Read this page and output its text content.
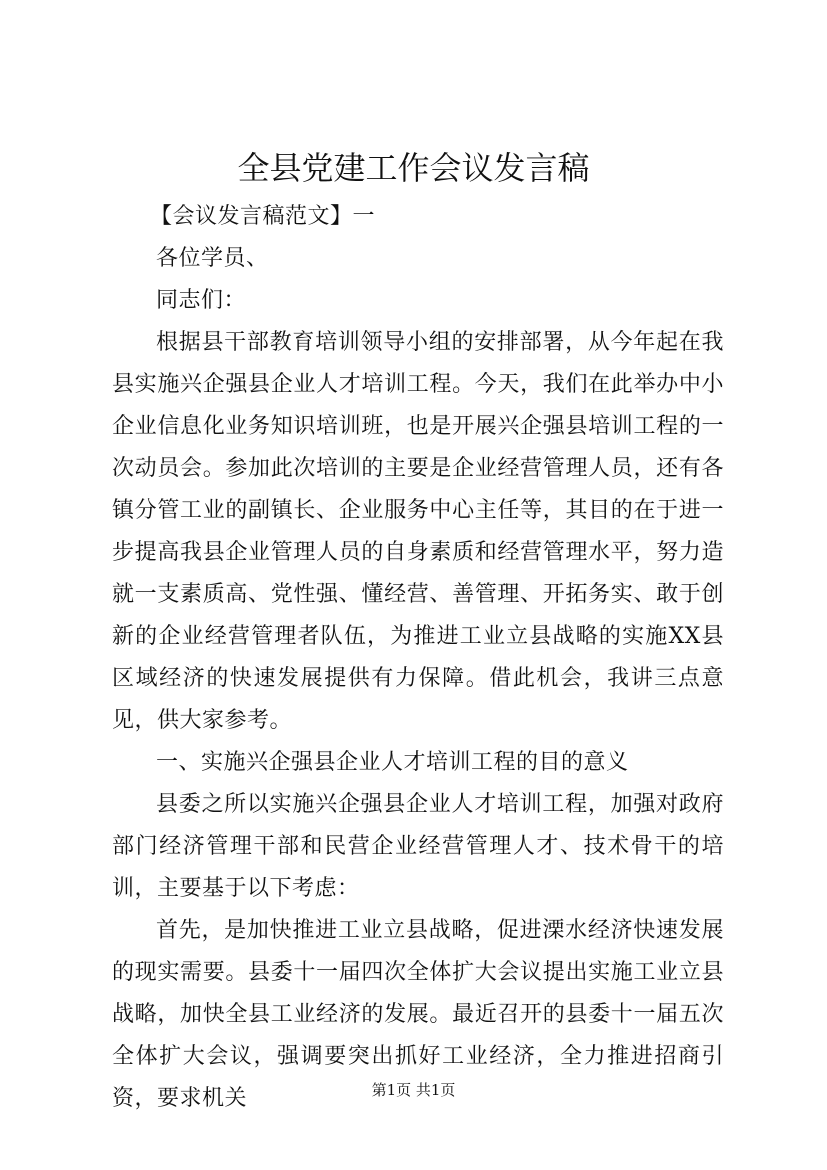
全县党建工作会议发言稿

【会议发言稿范文】一

各位学员、

同志们：

根据县干部教育培训领导小组的安排部署，从今年起在我县实施兴企强县企业人才培训工程。今天，我们在此举办中小企业信息化业务知识培训班，也是开展兴企强县培训工程的一次动员会。参加此次培训的主要是企业经营管理人员，还有各镇分管工业的副镇长、企业服务中心主任等，其目的在于进一步提高我县企业管理人员的自身素质和经营管理水平，努力造就一支素质高、党性强、懂经营、善管理、开拓务实、敢于创新的企业经营管理者队伍，为推进工业立县战略的实施XX县区域经济的快速发展提供有力保障。借此机会，我讲三点意见，供大家参考。

一、实施兴企强县企业人才培训工程的目的意义

县委之所以实施兴企强县企业人才培训工程，加强对政府部门经济管理干部和民营企业经营管理人才、技术骨干的培训，主要基于以下考虑：

首先，是加快推进工业立县战略，促进溧水经济快速发展的现实需要。县委十一届四次全体扩大会议提出实施工业立县战略，加快全县工业经济的发展。最近召开的县委十一届五次全体扩大会议，强调要突出抓好工业经济，全力推进招商引资，要求机关	第1页 共1页
